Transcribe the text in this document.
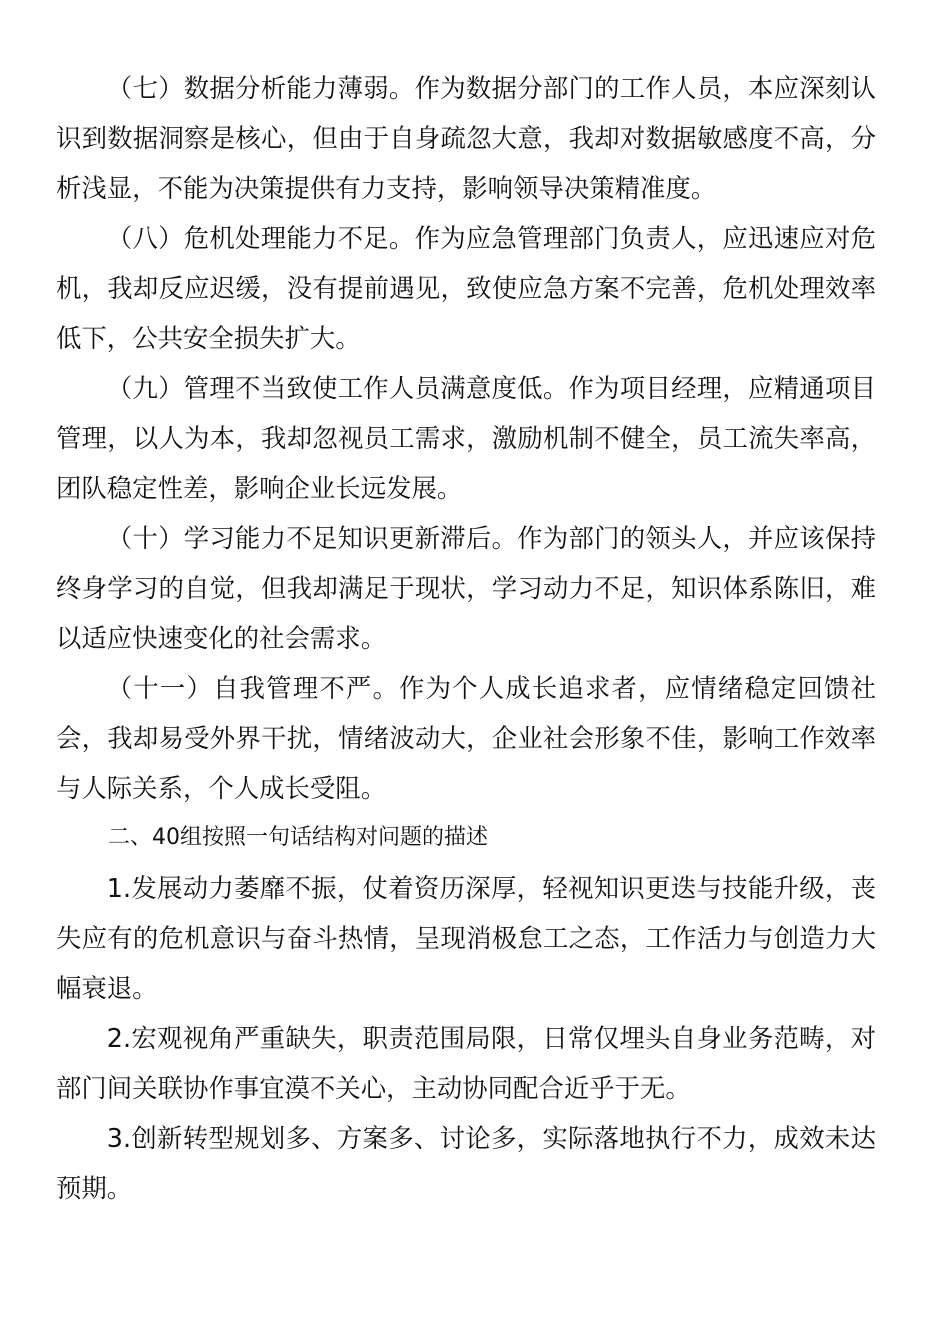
（七）数据分析能力薄弱。作为数据分部门的工作人员，本应深刻认识到数据洞察是核心，但由于自身疏忽大意，我却对数据敏感度不高，分析浅显，不能为决策提供有力支持，影响领导决策精准度。

（八）危机处理能力不足。作为应急管理部门负责人，应迅速应对危机，我却反应迟缓，没有提前遇见，致使应急方案不完善，危机处理效率低下，公共安全损失扩大。

（九）管理不当致使工作人员满意度低。作为项目经理，应精通项目管理，以人为本，我却忽视员工需求，激励机制不健全，员工流失率高，团队稳定性差，影响企业长远发展。

（十）学习能力不足知识更新滞后。作为部门的领头人，并应该保持终身学习的自觉，但我却满足于现状，学习动力不足，知识体系陈旧，难以适应快速变化的社会需求。

（十一）自我管理不严。作为个人成长追求者，应情绪稳定回馈社会，我却易受外界干扰，情绪波动大，企业社会形象不佳，影响工作效率与人际关系，个人成长受阻。

二、40组按照一句话结构对问题的描述

1.发展动力萎靡不振，仗着资历深厚，轻视知识更迭与技能升级，丧失应有的危机意识与奋斗热情，呈现消极怠工之态，工作活力与创造力大幅衰退。

2.宏观视角严重缺失，职责范围局限，日常仅埋头自身业务范畴，对部门间关联协作事宜漠不关心，主动协同配合近乎于无。

3.创新转型规划多、方案多、讨论多，实际落地执行不力，成效未达预期。
